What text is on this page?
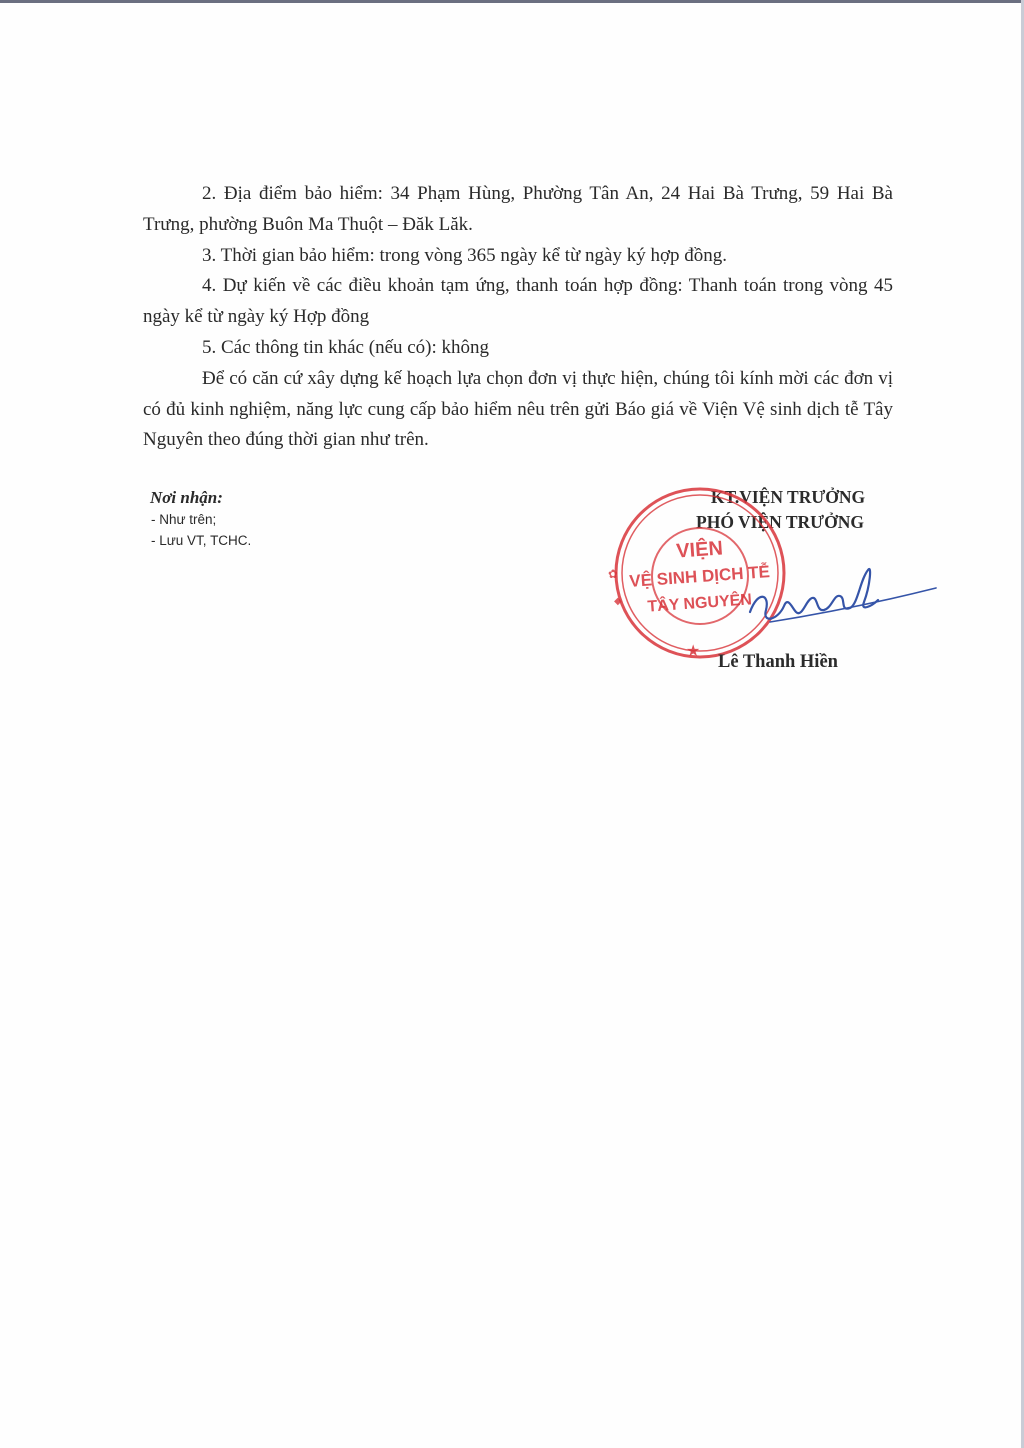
2. Địa điểm bảo hiểm: 34 Phạm Hùng, Phường Tân An, 24 Hai Bà Trưng, 59 Hai Bà Trưng, phường Buôn Ma Thuột – Đăk Lăk.

3. Thời gian bảo hiểm: trong vòng 365 ngày kể từ ngày ký hợp đồng.

4. Dự kiến về các điều khoản tạm ứng, thanh toán hợp đồng: Thanh toán trong vòng 45 ngày kể từ ngày ký Hợp đồng

5. Các thông tin khác (nếu có): không

Để có căn cứ xây dựng kế hoạch lựa chọn đơn vị thực hiện, chúng tôi kính mời các đơn vị có đủ kinh nghiệm, năng lực cung cấp bảo hiểm nêu trên gửi Báo giá về Viện Vệ sinh dịch tễ Tây Nguyên theo đúng thời gian như trên.

Nơi nhận:
- Như trên;
- Lưu VT, TCHC.
KT.VIỆN TRƯỞNG
PHÓ VIỆN TRƯỞNG
✿
◆
★
VIỆN
VỆ SINH DỊCH TỄ
TÂY NGUYÊN
Lê Thanh Hiền
